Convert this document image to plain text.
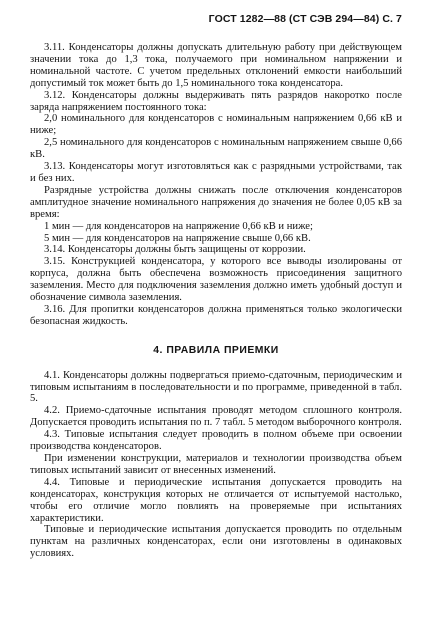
ГОСТ 1282—88 (СТ СЭВ 294—84) С. 7

3.11. Конденсаторы должны допускать длительную работу при действующем значении тока до 1,3 тока, получаемого при номинальном напряжении и номинальной частоте. С учетом предельных отклонений емкости наибольший допустимый ток может быть до 1,5 номинального тока конденсатора.

3.12. Конденсаторы должны выдерживать пять разрядов накоротко после заряда напряжением постоянного тока:

2,0 номинального для конденсаторов с номинальным напряжением 0,66 кВ и ниже;

2,5 номинального для конденсаторов с номинальным напряжением свыше 0,66 кВ.

3.13. Конденсаторы могут изготовляться как с разрядными устройствами, так и без них.

Разрядные устройства должны снижать после отключения конденсаторов амплитудное значение номинального напряжения до значения не более 0,05 кВ за время:

1 мин — для конденсаторов на напряжение 0,66 кВ и ниже;

5 мин — для конденсаторов на напряжение свыше 0,66 кВ.

3.14. Конденсаторы должны быть защищены от коррозии.

3.15. Конструкцией конденсатора, у которого все выводы изолированы от корпуса, должна быть обеспечена возможность присоединения защитного заземления. Место для подключения заземления должно иметь удобный доступ и обозначение символа заземления.

3.16. Для пропитки конденсаторов должна применяться только экологически безопасная жидкость.

4. ПРАВИЛА ПРИЕМКИ

4.1. Конденсаторы должны подвергаться приемо-сдаточным, периодическим и типовым испытаниям в последовательности и по программе, приведенной в табл. 5.

4.2. Приемо-сдаточные испытания проводят методом сплошного контроля. Допускается проводить испытания по п. 7 табл. 5 методом выборочного контроля.

4.3. Типовые испытания следует проводить в полном объеме при освоении производства конденсаторов.

При изменении конструкции, материалов и технологии производства объем типовых испытаний зависит от внесенных изменений.

4.4. Типовые и периодические испытания допускается проводить на конденсаторах, конструкция которых не отличается от испытуемой настолько, чтобы его отличие могло повлиять на проверяемые при испытаниях характеристики.

Типовые и периодические испытания допускается проводить по отдельным пунктам на различных конденсаторах, если они изготовлены в одинаковых условиях.
